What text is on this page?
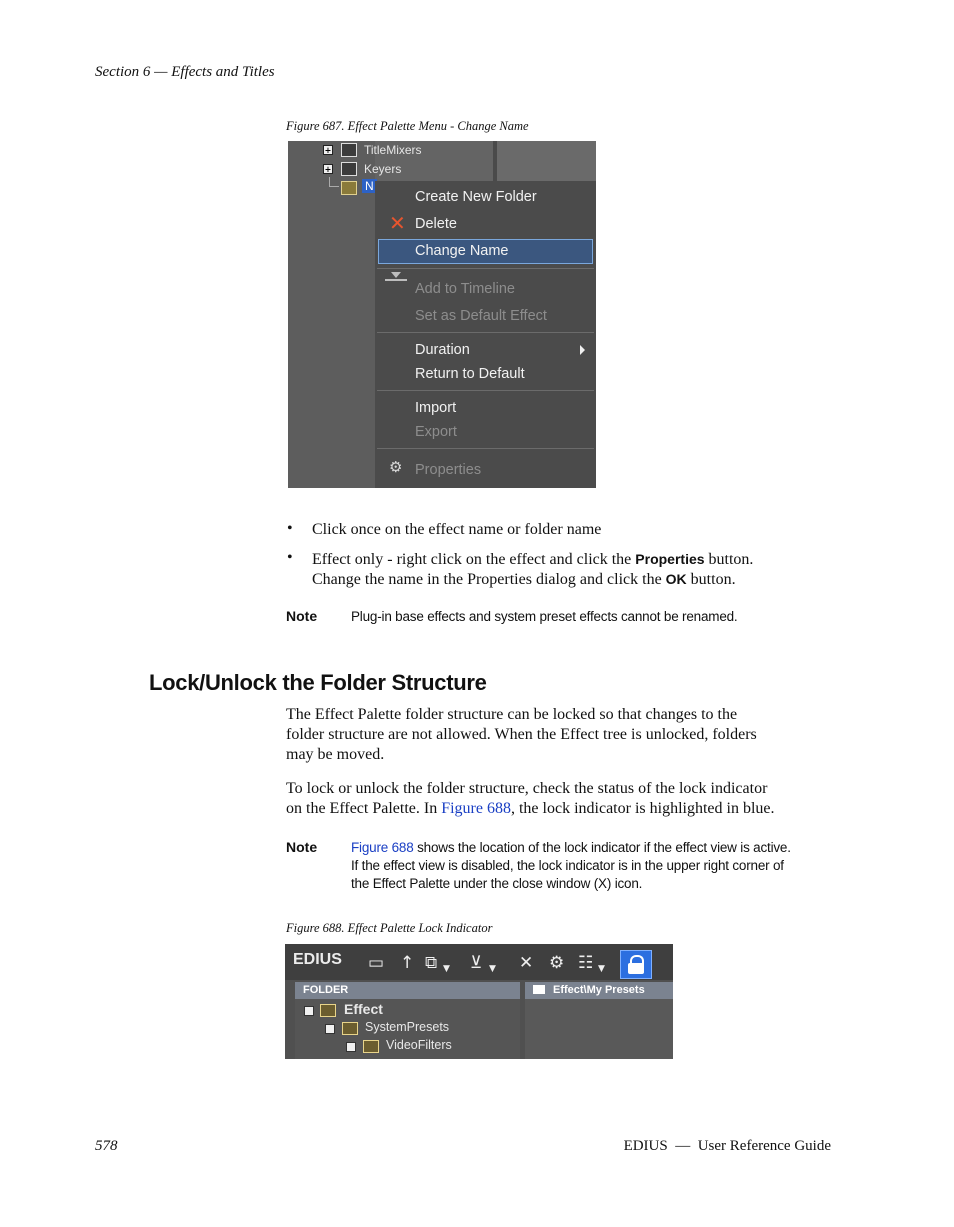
Section 6 — Effects and Titles
Figure 687. Effect Palette Menu - Change Name
+	TitleMixers
+	Keyers
N
Create New Folder
✕ Delete
Change Name
Add to Timeline
Set as Default Effect
Duration
Return to Default
Import
Export
⚙ Properties
• Click once on the effect name or folder name
• Effect only - right click on the effect and click the Properties button.
Change the name in the Properties dialog and click the OK button.
Note	Plug-in base effects and system preset effects cannot be renamed.
Lock/Unlock the Folder Structure
The Effect Palette folder structure can be locked so that changes to the
folder structure are not allowed. When the Effect tree is unlocked, folders
may be moved.
To lock or unlock the folder structure, check the status of the lock indicator
on the Effect Palette. In Figure 688, the lock indicator is highlighted in blue.
Note	Figure 688 shows the location of the lock indicator if the effect view is active.
If the effect view is disabled, the lock indicator is in the upper right corner of
the Effect Palette under the close window (X) icon.
Figure 688. Effect Palette Lock Indicator
EDIUS ▭ ↑ ⧉ ▼ ⊻ ▼ ✕ ⚙ ☷ ▼
FOLDER	Effect\My Presets
Effect
SystemPresets
VideoFilters
578	EDIUS  —  User Reference Guide
